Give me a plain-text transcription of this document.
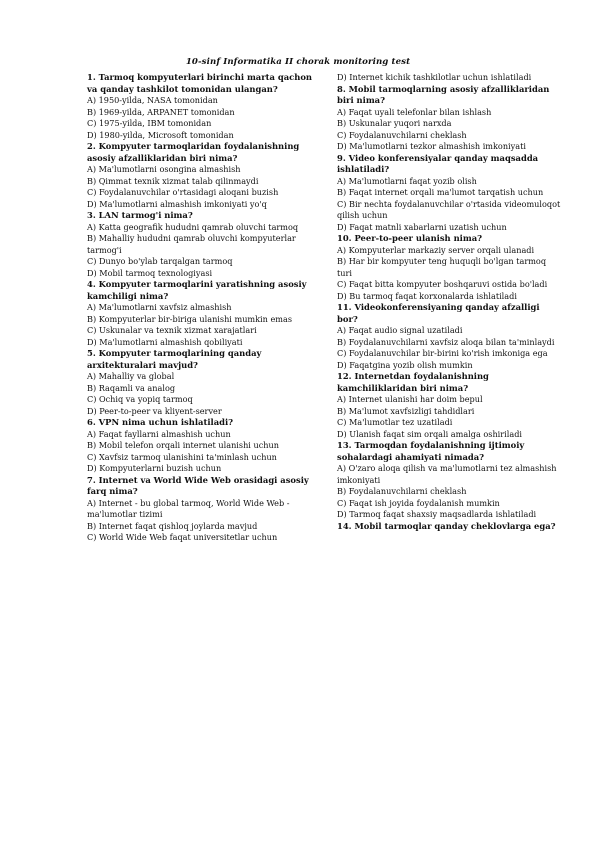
10-sinf Informatika II chorak monitoring test
1. Tarmoq kompyuterlari birinchi marta qachon va qanday tashkilot tomonidan ulangan?
A) 1950-yilda, NASA tomonidan
B) 1969-yilda, ARPANET tomonidan
C) 1975-yilda, IBM tomonidan
D) 1980-yilda, Microsoft tomonidan
2. Kompyuter tarmoqlaridan foydalanishning asosiy afzalliklaridan biri nima?
A) Ma'lumotlarni osongina almashish
B) Qimmat texnik xizmat talab qilinmaydi
C) Foydalanuvchilar o'rtasidagi aloqani buzish
D) Ma'lumotlarni almashish imkoniyati yo'q
3. LAN tarmog'i nima?
A) Katta geografik hududni qamrab oluvchi tarmoq
B) Mahalliy hududni qamrab oluvchi kompyuterlar tarmog'i
C) Dunyo bo'ylab tarqalgan tarmoq
D) Mobil tarmoq texnologiyasi
4. Kompyuter tarmoqlarini yaratishning asosiy kamchiligi nima?
A) Ma'lumotlarni xavfsiz almashish
B) Kompyuterlar bir-biriga ulanishi mumkin emas
C) Uskunalar va texnik xizmat xarajatlari
D) Ma'lumotlarni almashish qobiliyati
5. Kompyuter tarmoqlarining qanday arxitekturalari mavjud?
A) Mahalliy va global
B) Raqamli va analog
C) Ochiq va yopiq tarmoq
D) Peer-to-peer va kliyent-server
6. VPN nima uchun ishlatiladi?
A) Faqat fayllarni almashish uchun
B) Mobil telefon orqali internet ulanishi uchun
C) Xavfsiz tarmoq ulanishini ta'minlash uchun
D) Kompyuterlarni buzish uchun
7. Internet va World Wide Web orasidagi asosiy farq nima?
A) Internet - bu global tarmoq, World Wide Web - ma'lumotlar tizimi
B) Internet faqat qishloq joylarda mavjud
C) World Wide Web faqat universitetlar uchun
D) Internet kichik tashkilotlar uchun ishlatiladi
8. Mobil tarmoqlarning asosiy afzalliklaridan biri nima?
A) Faqat uyali telefonlar bilan ishlash
B) Uskunalar yuqori narxda
C) Foydalanuvchilarni cheklash
D) Ma'lumotlarni tezkor almashish imkoniyati
9. Video konferensiyalar qanday maqsadda ishlatiladi?
A) Ma'lumotlarni faqat yozib olish
B) Faqat internet orqali ma'lumot tarqatish uchun
C) Bir nechta foydalanuvchilar o'rtasida videomuloqot qilish uchun
D) Faqat matnli xabarlarni uzatish uchun
10. Peer-to-peer ulanish nima?
A) Kompyuterlar markaziy server orqali ulanadi
B) Har bir kompyuter teng huquqli bo'lgan tarmoq turi
C) Faqat bitta kompyuter boshqaruvi ostida bo'ladi
D) Bu tarmoq faqat korxonalarda ishlatiladi
11. Videokonferensiyaning qanday afzalligi bor?
A) Faqat audio signal uzatiladi
B) Foydalanuvchilarni xavfsiz aloqa bilan ta'minlaydi
C) Foydalanuvchilar bir-birini ko'rish imkoniga ega
D) Faqatgina yozib olish mumkin
12. Internetdan foydalanishning kamchiliklaridan biri nima?
A) Internet ulanishi har doim bepul
B) Ma'lumot xavfsizligi tahdidlari
C) Ma'lumotlar tez uzatiladi
D) Ulanish faqat sim orqali amalga oshiriladi
13. Tarmoqdan foydalanishning ijtimoiy sohalardagi ahamiyati nimada?
A) O'zaro aloqa qilish va ma'lumotlarni tez almashish imkoniyati
B) Foydalanuvchilarni cheklash
C) Faqat ish joyida foydalanish mumkin
D) Tarmoq faqat shaxsiy maqsadlarda ishlatiladi
14. Mobil tarmoqlar qanday cheklovlarga ega?
